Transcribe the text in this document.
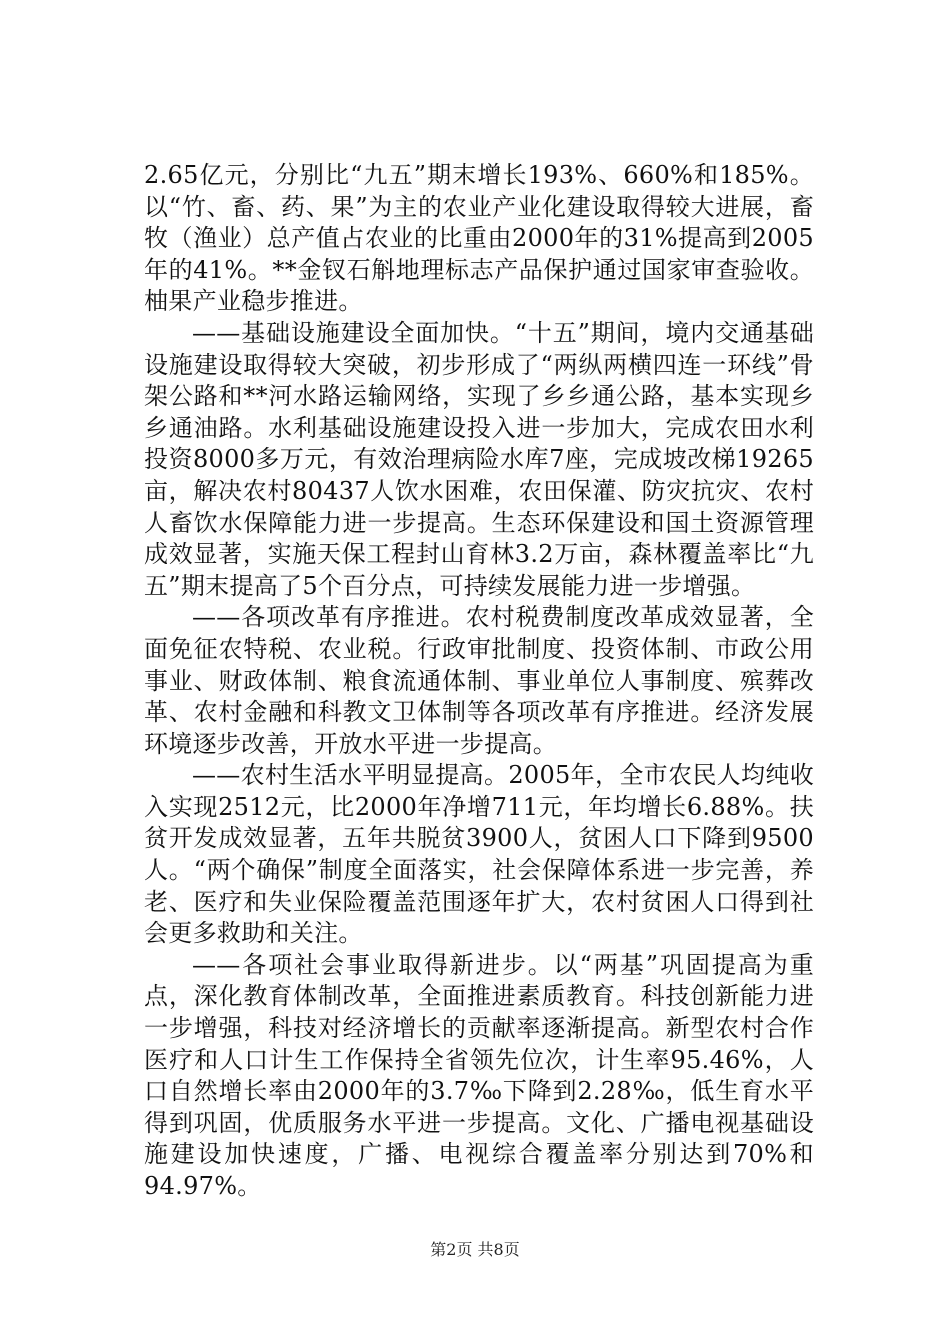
2.65亿元，分别比“九五”期末增长193%、660%和185%。以“竹、畜、药、果”为主的农业产业化建设取得较大进展，畜牧（渔业）总产值占农业的比重由2000年的31%提高到2005年的41%。**金钗石斛地理标志产品保护通过国家审查验收。柚果产业稳步推进。

——基础设施建设全面加快。“十五”期间，境内交通基础设施建设取得较大突破，初步形成了“两纵两横四连一环线”骨架公路和**河水路运输网络，实现了乡乡通公路，基本实现乡乡通油路。水利基础设施建设投入进一步加大，完成农田水利投资8000多万元，有效治理病险水库7座，完成坡改梯19265亩，解决农村80437人饮水困难，农田保灌、防灾抗灾、农村人畜饮水保障能力进一步提高。生态环保建设和国土资源管理成效显著，实施天保工程封山育林3.2万亩，森林覆盖率比“九五”期末提高了5个百分点，可持续发展能力进一步增强。

——各项改革有序推进。农村税费制度改革成效显著，全面免征农特税、农业税。行政审批制度、投资体制、市政公用事业、财政体制、粮食流通体制、事业单位人事制度、殡葬改革、农村金融和科教文卫体制等各项改革有序推进。经济发展环境逐步改善，开放水平进一步提高。

——农村生活水平明显提高。2005年，全市农民人均纯收入实现2512元，比2000年净增711元，年均增长6.88%。扶贫开发成效显著，五年共脱贫3900人，贫困人口下降到9500人。“两个确保”制度全面落实，社会保障体系进一步完善，养老、医疗和失业保险覆盖范围逐年扩大，农村贫困人口得到社会更多救助和关注。

——各项社会事业取得新进步。以“两基”巩固提高为重点，深化教育体制改革，全面推进素质教育。科技创新能力进一步增强，科技对经济增长的贡献率逐渐提高。新型农村合作医疗和人口计生工作保持全省领先位次，计生率95.46%，人口自然增长率由2000年的3.7‰下降到2.28‰，低生育水平得到巩固，优质服务水平进一步提高。文化、广播电视基础设施建设加快速度，广播、电视综合覆盖率分别达到70%和94.97%。

第2页 共8页
